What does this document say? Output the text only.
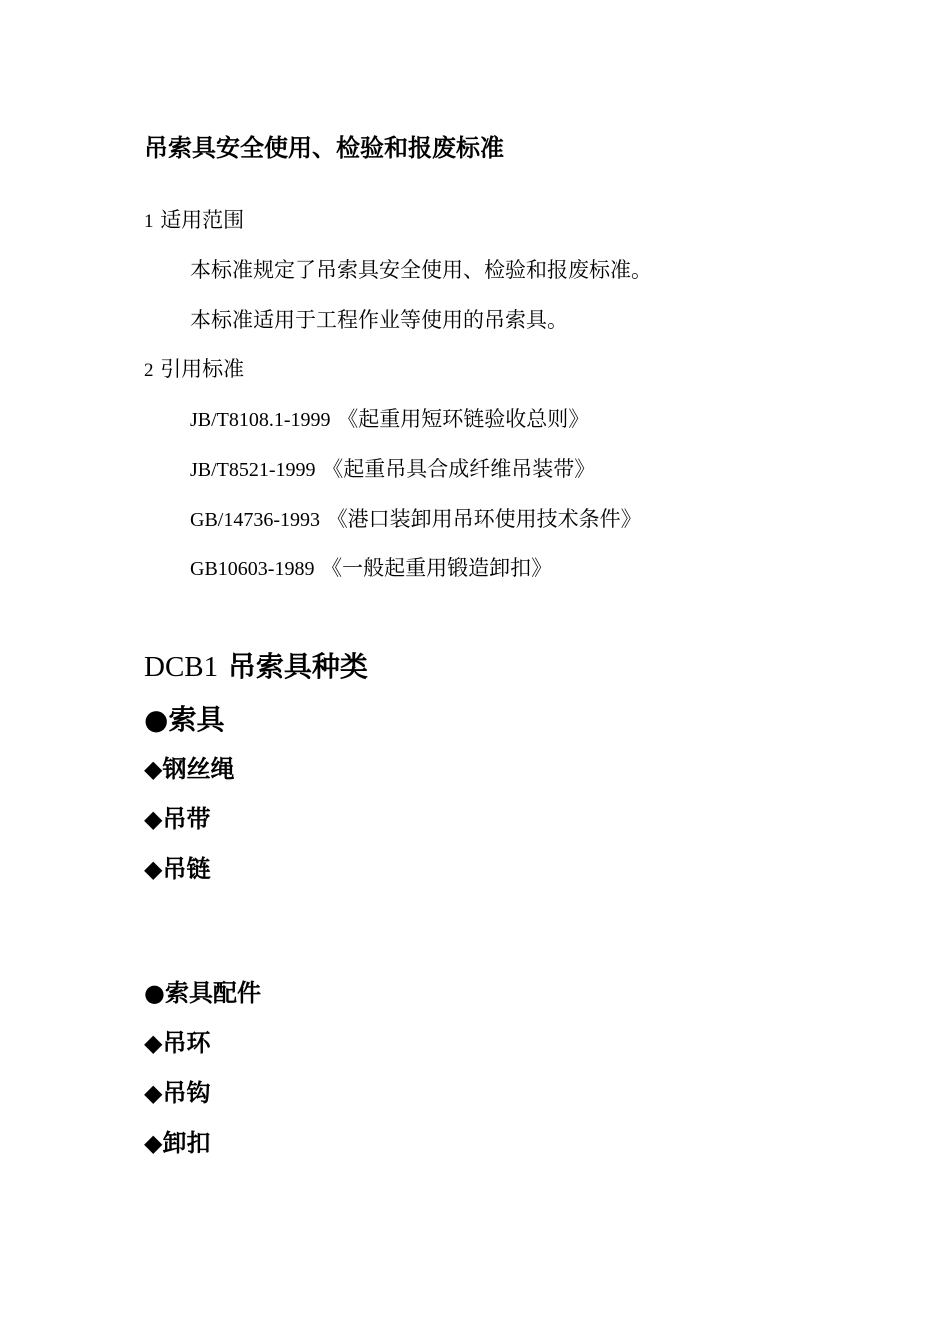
吊索具安全使用、检验和报废标准
1 适用范围
本标准规定了吊索具安全使用、检验和报废标准。
本标准适用于工程作业等使用的吊索具。
2 引用标准
JB/T8108.1-1999 《起重用短环链验收总则》
JB/T8521-1999 《起重吊具合成纤维吊装带》
GB/14736-1993 《港口装卸用吊环使用技术条件》
GB10603-1989 《一般起重用锻造卸扣》
DCB1 吊索具种类
●索具
◆钢丝绳
◆吊带
◆吊链
●索具配件
◆吊环
◆吊钩
◆卸扣
